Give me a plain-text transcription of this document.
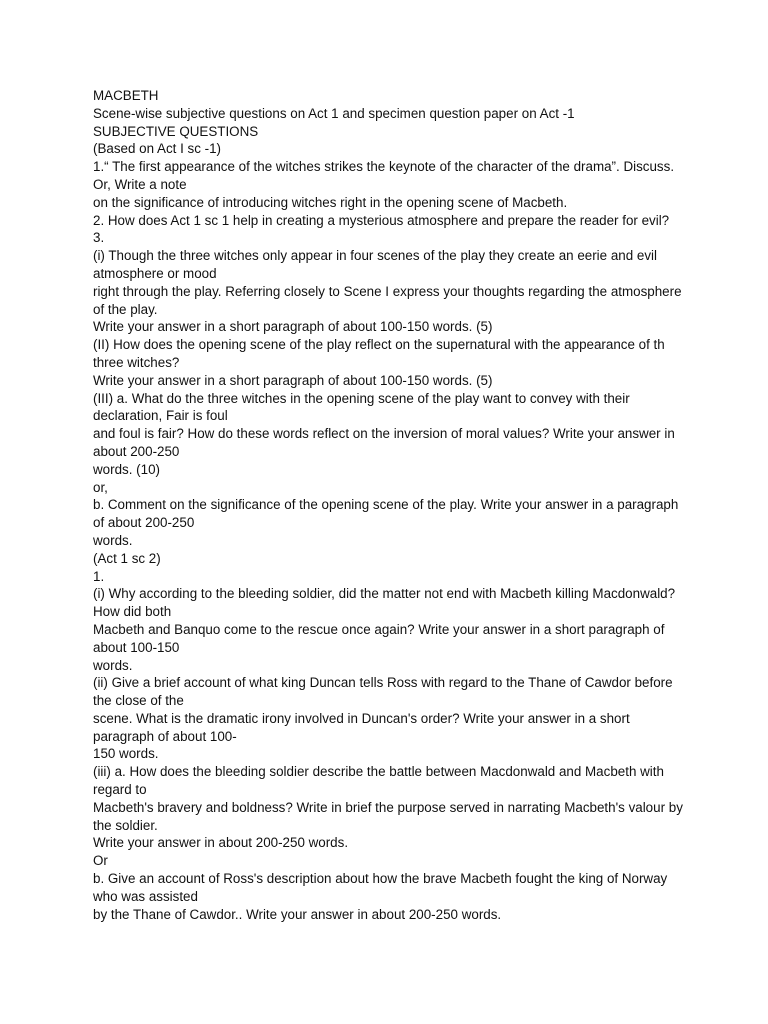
MACBETH

Scene-wise subjective questions on Act 1 and specimen question paper on Act -1

SUBJECTIVE QUESTIONS

(Based on Act I sc -1)

1.“ The first appearance of the witches strikes the keynote of the character of the drama”. Discuss. Or, Write a note

on the significance of introducing witches right in the opening scene of Macbeth.

2. How does Act 1 sc 1 help in creating a mysterious atmosphere and prepare the reader for evil?

3.

(i) Though the three witches only appear in four scenes of the play they create an eerie and evil atmosphere or mood

right through the play. Referring closely to Scene I express your thoughts regarding the atmosphere of the play.

Write your answer in a short paragraph of about 100-150 words. (5)

(II) How does the opening scene of the play reflect on the supernatural with the appearance of th three witches?

Write your answer in a short paragraph of about 100-150 words. (5)

(III) a. What do the three witches in the opening scene of the play want to convey with their declaration, Fair is foul

and foul is fair? How do these words reflect on the inversion of moral values? Write your answer in about 200-250

words. (10)

or,

b. Comment on the significance of the opening scene of the play. Write your answer in a paragraph of about 200-250

words.

(Act 1 sc 2)

1.

(i) Why according to the bleeding soldier, did the matter not end with Macbeth killing Macdonwald? How did both

Macbeth and Banquo come to the rescue once again? Write your answer in a short paragraph of about 100-150

words.

(ii) Give a brief account of what king Duncan tells Ross with regard to the Thane of Cawdor before the close of the

scene. What is the dramatic irony involved in Duncan's order? Write your answer in a short paragraph of about 100-

150 words.

(iii) a. How does the bleeding soldier describe the battle between Macdonwald and Macbeth with regard to

Macbeth's bravery and boldness? Write in brief the purpose served in narrating Macbeth's valour by the soldier.

Write your answer in about 200-250 words.

Or

b. Give an account of Ross's description about how the brave Macbeth fought the king of Norway who was assisted

by the Thane of Cawdor.. Write your answer in about 200-250 words.
